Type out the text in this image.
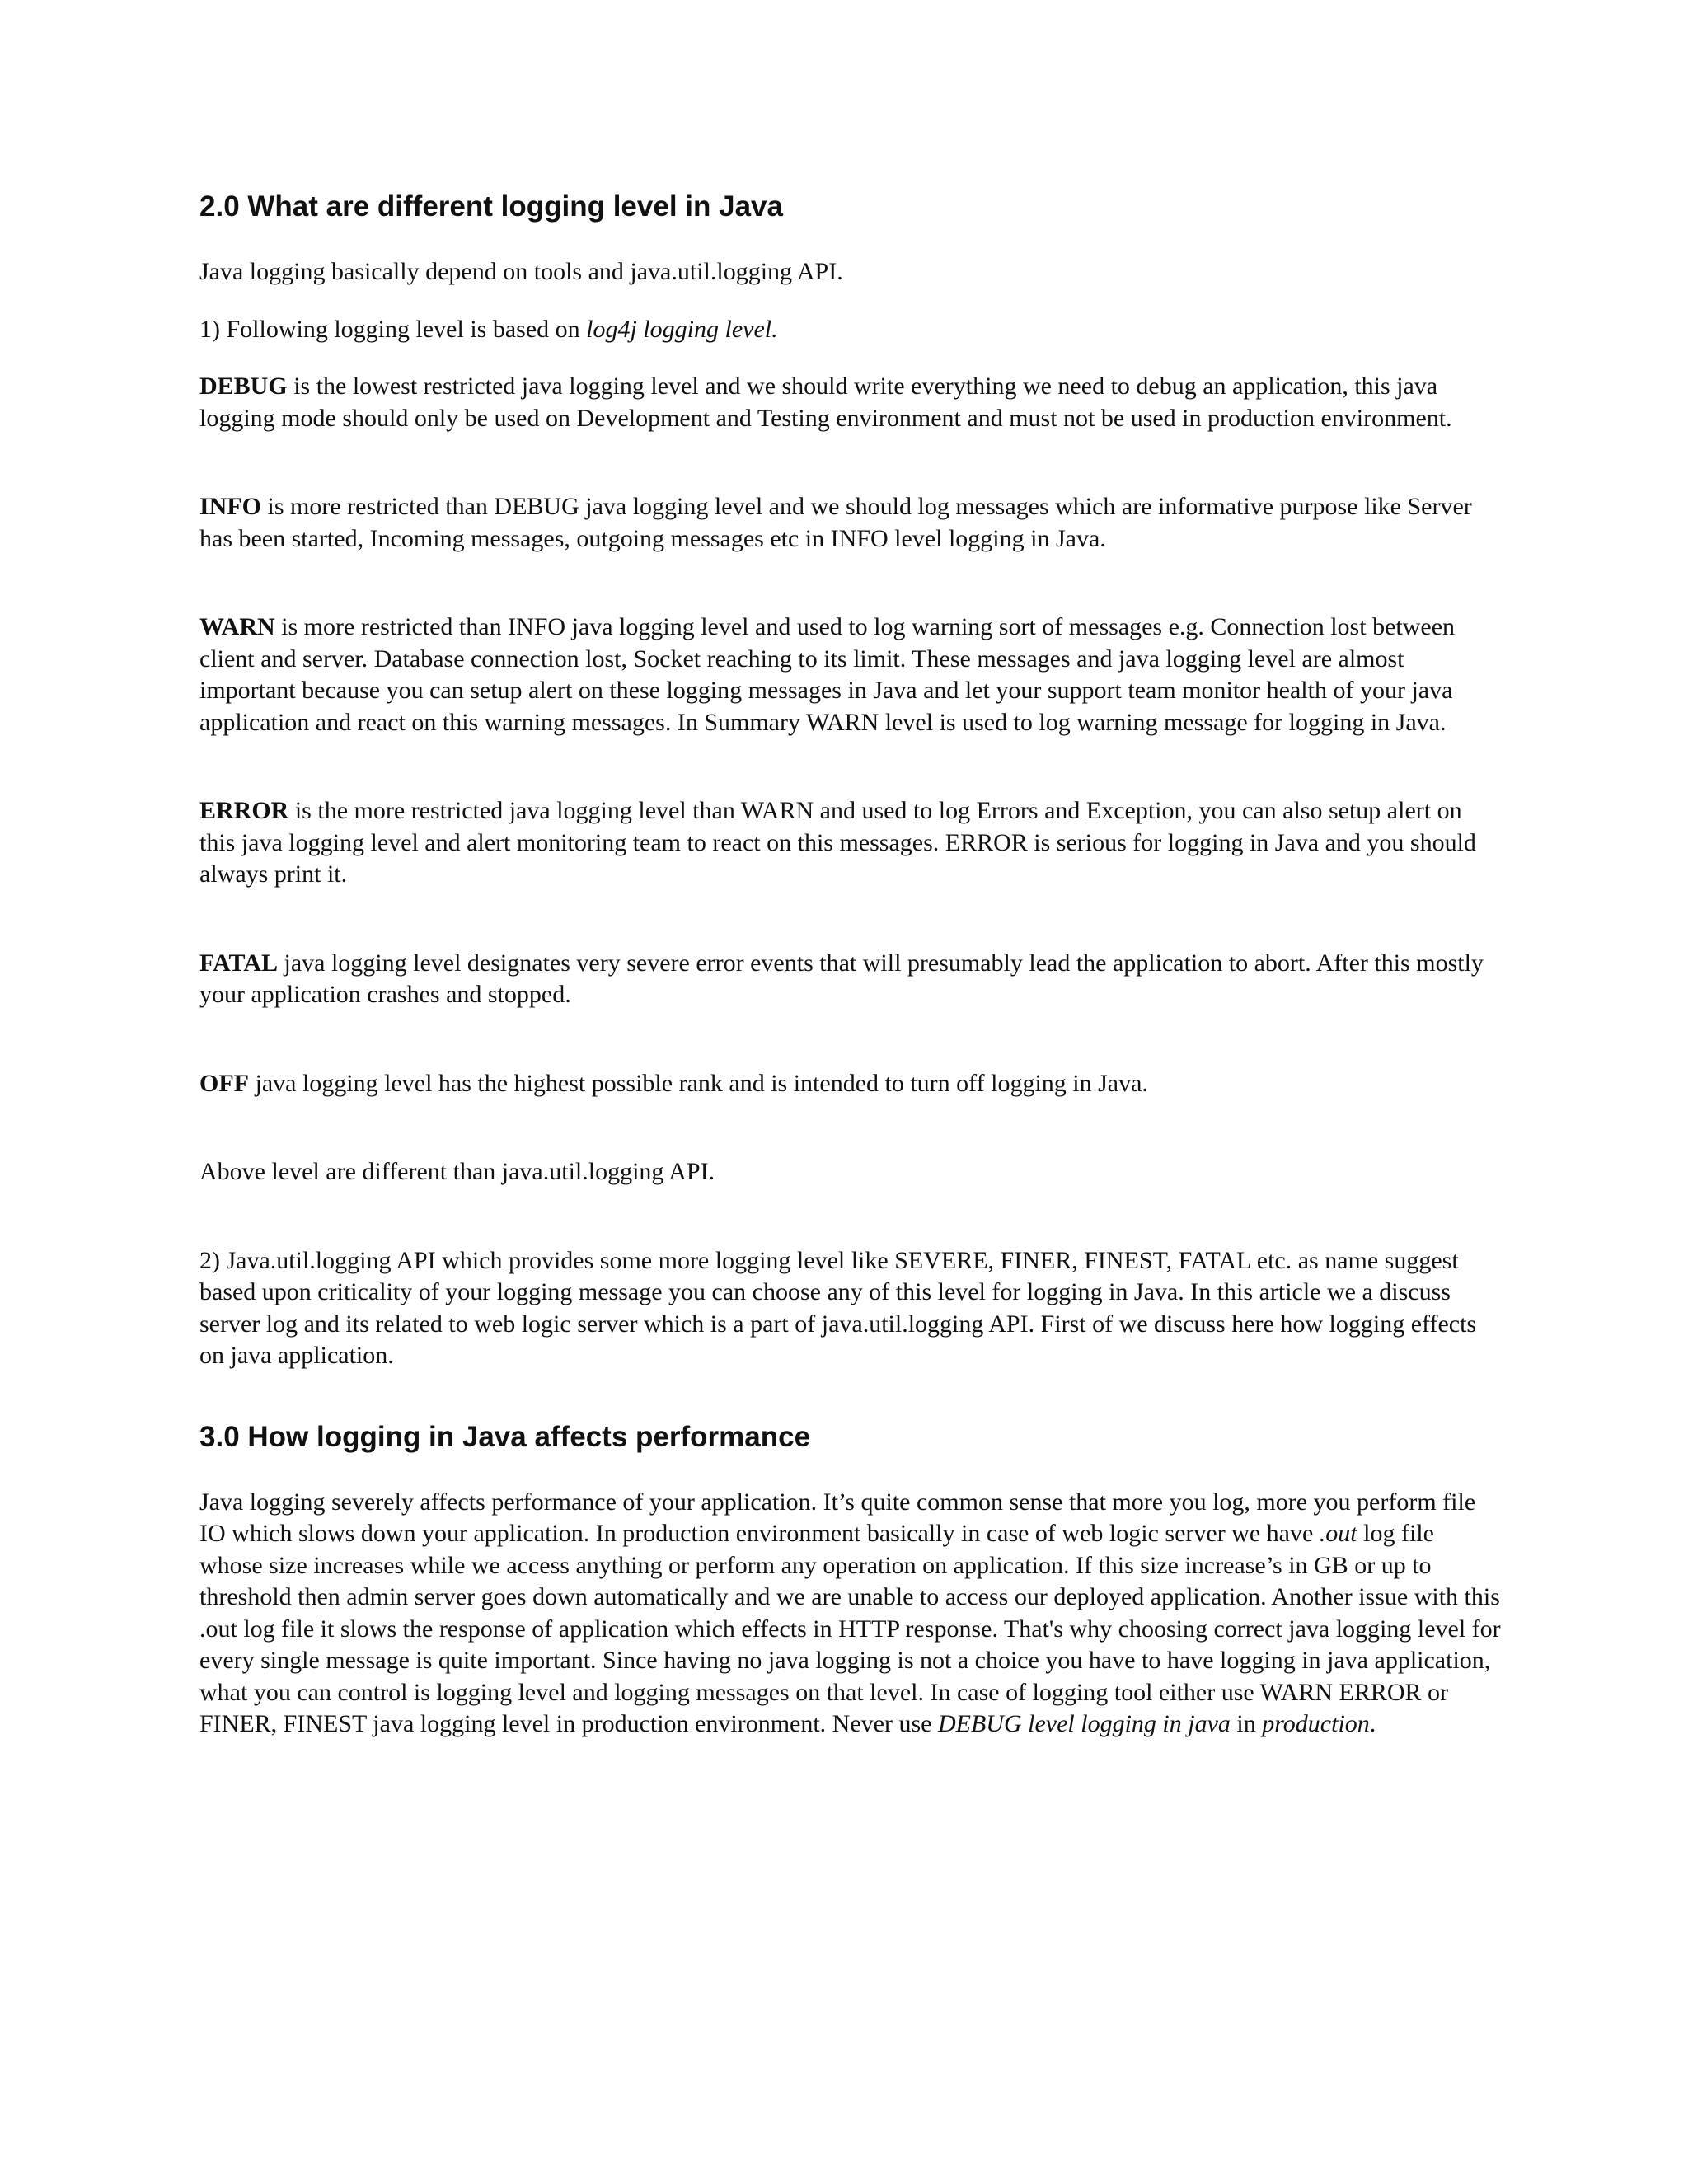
2.0 What are different logging level in Java

Java logging basically depend on tools and java.util.logging API.

1) Following logging level is based on log4j logging level.

DEBUG is the lowest restricted java logging level and we should write everything we need to debug an application, this java logging mode should only be used on Development and Testing environment and must not be used in production environment.

INFO is more restricted than DEBUG java logging level and we should log messages which are informative purpose like Server has been started, Incoming messages, outgoing messages etc in INFO level logging in Java.

WARN is more restricted than INFO java logging level and used to log warning sort of messages e.g. Connection lost between client and server. Database connection lost, Socket reaching to its limit. These messages and java logging level are almost important because you can setup alert on these logging messages in Java and let your support team monitor health of your java application and react on this warning messages. In Summary WARN level is used to log warning message for logging in Java.

ERROR is the more restricted java logging level than WARN and used to log Errors and Exception, you can also setup alert on this java logging level and alert monitoring team to react on this messages. ERROR is serious for logging in Java and you should always print it.

FATAL java logging level designates very severe error events that will presumably lead the application to abort. After this mostly your application crashes and stopped.

OFF java logging level has the highest possible rank and is intended to turn off logging in Java.

Above level are different than java.util.logging API.

2) Java.util.logging API which provides some more logging level like SEVERE, FINER, FINEST, FATAL etc. as name suggest based upon criticality of your logging message you can choose any of this level for logging in Java. In this article we a discuss server log and its related to web logic server which is a part of java.util.logging API. First of we discuss here how logging effects on java application.

3.0 How logging in Java affects performance

Java logging severely affects performance of your application. It’s quite common sense that more you log, more you perform file IO which slows down your application. In production environment basically in case of web logic server we have .out log file whose size increases while we access anything or perform any operation on application. If this size increase’s in GB or up to threshold then admin server goes down automatically and we are unable to access our deployed application. Another issue with this .out log file it slows the response of application which effects in HTTP response. That's why choosing correct java logging level for every single message is quite important. Since having no java logging is not a choice you have to have logging in java application, what you can control is logging level and logging messages on that level. In case of logging tool either use WARN ERROR or FINER, FINEST java logging level in production environment. Never use DEBUG level logging in java in production.
